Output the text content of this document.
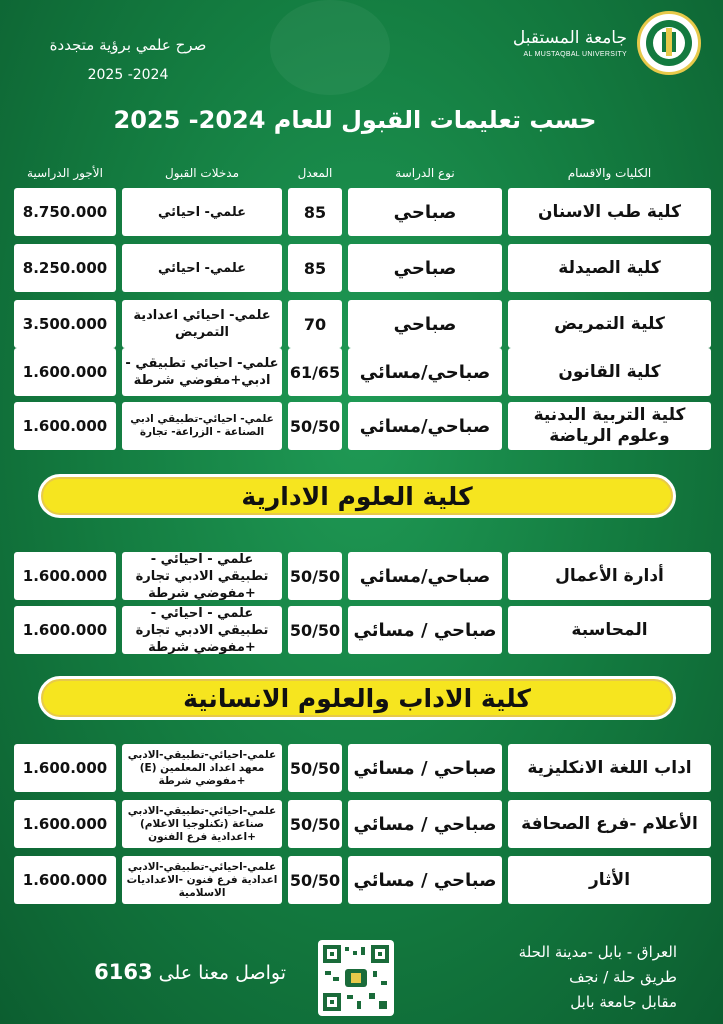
جامعة المستقبل
AL MUSTAQBAL UNIVERSITY
صرح علمي برؤية متجددة
2025 -2024
حسب تعليمات القبول للعام 2024- 2025
الكليات والاقسام
نوع الدراسة
المعدل
مدخلات القبول
الأجور الدراسية
كلية طب الاسنان
صباحي
85
علمي- احيائي
8.750.000
كلية الصيدلة
صباحي
85
علمي- احيائي
8.250.000
كلية التمريض
صباحي
70
علمي- احيائي اعدادية التمريض
3.500.000
كلية القانون
صباحي/مسائي
61/65
علمي- احيائي تطبيقي - ادبي+مفوضي شرطة
1.600.000
كلية التربية البدنية وعلوم الرياضة
صباحي/مسائي
50/50
علمي- احيائي-تطبيقي ادبي الصناعة - الزراعة- تجارة
1.600.000
كلية العلوم الادارية
أدارة الأعمال
صباحي/مسائي
50/50
علمي - احيائي - تطبيقي الادبي تجارة +مفوضي شرطة
1.600.000
المحاسبة
صباحي / مسائي
50/50
علمي - احيائي - تطبيقي الادبي تجارة +مفوضي شرطة
1.600.000
كلية الاداب والعلوم الانسانية
اداب اللغة الانكليزية
صباحي / مسائي
50/50
علمي-احيائي-تطبيقي-الادبي معهد اعداد المعلمين (E) +مفوضي شرطة
1.600.000
الأعلام -فرع الصحافة
صباحي / مسائي
50/50
علمي-احيائي-تطبيقي-الادبي صناعة (تكنلوجيا الاعلام) +اعدادية فرع الفنون
1.600.000
الأثار
صباحي / مسائي
50/50
علمي-احيائي-تطبيقي-الادبي اعدادية فرع فنون -الاعداديات الاسلامية
1.600.000
العراق - بابل -مدينة الحلة
طريق حلة / نجف
مقابل جامعة بابل
تواصل معنا على 6163
